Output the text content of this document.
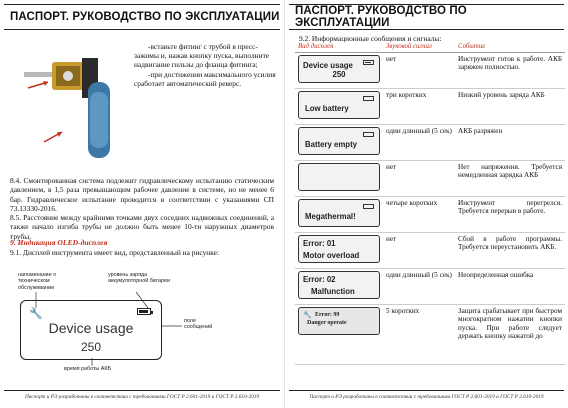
ПАСПОРТ. РУКОВОДСТВО ПО ЭКСПЛУАТАЦИИ

-вставьте фитинг с трубой в пресс-зажимы и, нажав кнопку пуска, выполните надвигание гильзы до фланца фитинга;

-при достижении максимального усилия сработает автоматический реверс.

8.4. Смонтированная система подлежит гидравлическому испытанию статическим давлением, в 1,5 раза превышающим рабочее давление в системе, но не менее 6 бар. Гидравлическое испытание проводится в соответствии с указаниями СП 73.13330-2016.
8.5. Расстояние между крайними точками двух соседних надвижных соединений, а также начало изгиба трубы не должно быть менее 10-ти наружных диаметров трубы.
9. Индикация OLED-дисплея
9.1. Дисплей инструмента имеет вид, представленный на рисунке:
напоминание о техническом обслуживании
уровень заряда аккумуляторной батареи
поле сообщений
время работы АКБ
🔧
Device usage
250
Паспорт и РЭ разработаны в соответствии с требованиями ГОСТ Р 2.601-2019 и ГОСТ Р 2.610-2019
ПАСПОРТ. РУКОВОДСТВО ПО ЭКСПЛУАТАЦИИ
9.2. Информационные сообщения и сигналы:
Вид дисплея	Звуковой сигнал	Событие

Device usage
250	нет	Инструмент готов к работе. АКБ заряжен полностью.

Low battery	три коротких	Низкий уровень заряда АКБ

Battery empty	один длинный (5 сек)	АКБ разряжен

	нет	Нет напряжения. Требуется немедленная зарядка АКБ

Megathermal!	четыре коротких	Инструмент перегрелся. Требуется перерыв в работе.

Error: 01
Motor overload	нет	Сбой в работе программы. Требуется переустановить АКБ.

Error: 02
Malfunction	один длинный (5 сек)	Неопределенная ошибка

🔧 Error: 99
Danger operate	5 коротких	Защита срабатывает при быстром многократном нажатии кнопки пуска. При работе следует держать кнопку нажатой до
Паспорт и РЭ разработаны в соответствии с требованиями ГОСТ Р 2.601-2019 и ГОСТ Р 2.610-2019
